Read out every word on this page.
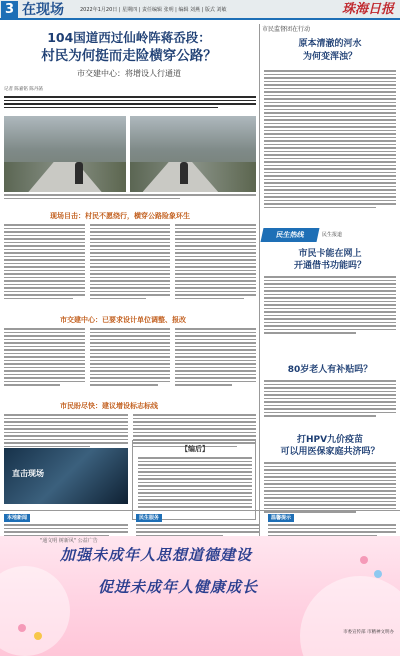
3 在现场	2022年1月20日 | 星期四 | 责任编辑 张明 | 编辑 刘燕 | 版式 刘敏	珠海日报
104国道西过仙岭阵蒋岙段：
村民为何挺而走险横穿公路？
市交建中心：将增设人行通道
记者 陈嘉铭 陈丹菡
现场目击：村民不愿绕行，横穿公路险象环生
市交建中心：已要求设计单位调整、报改
市民盼尽快：建议增设标志标线
直击现场
【编后】
市民监督团在行动
原本清澈的河水
为何变浑浊？
民生热线	民生报道
市民卡能在网上
开通借书功能吗？
80岁老人有补贴吗？
打HPV九价疫苗
可以用医保家庭共济吗？
本地新闻	民生服务	温馨提示
"通文明 树新风" 公益广告
加强未成年人思想道德建设
促进未成年人健康成长
市委宣传部 市精神文明办
